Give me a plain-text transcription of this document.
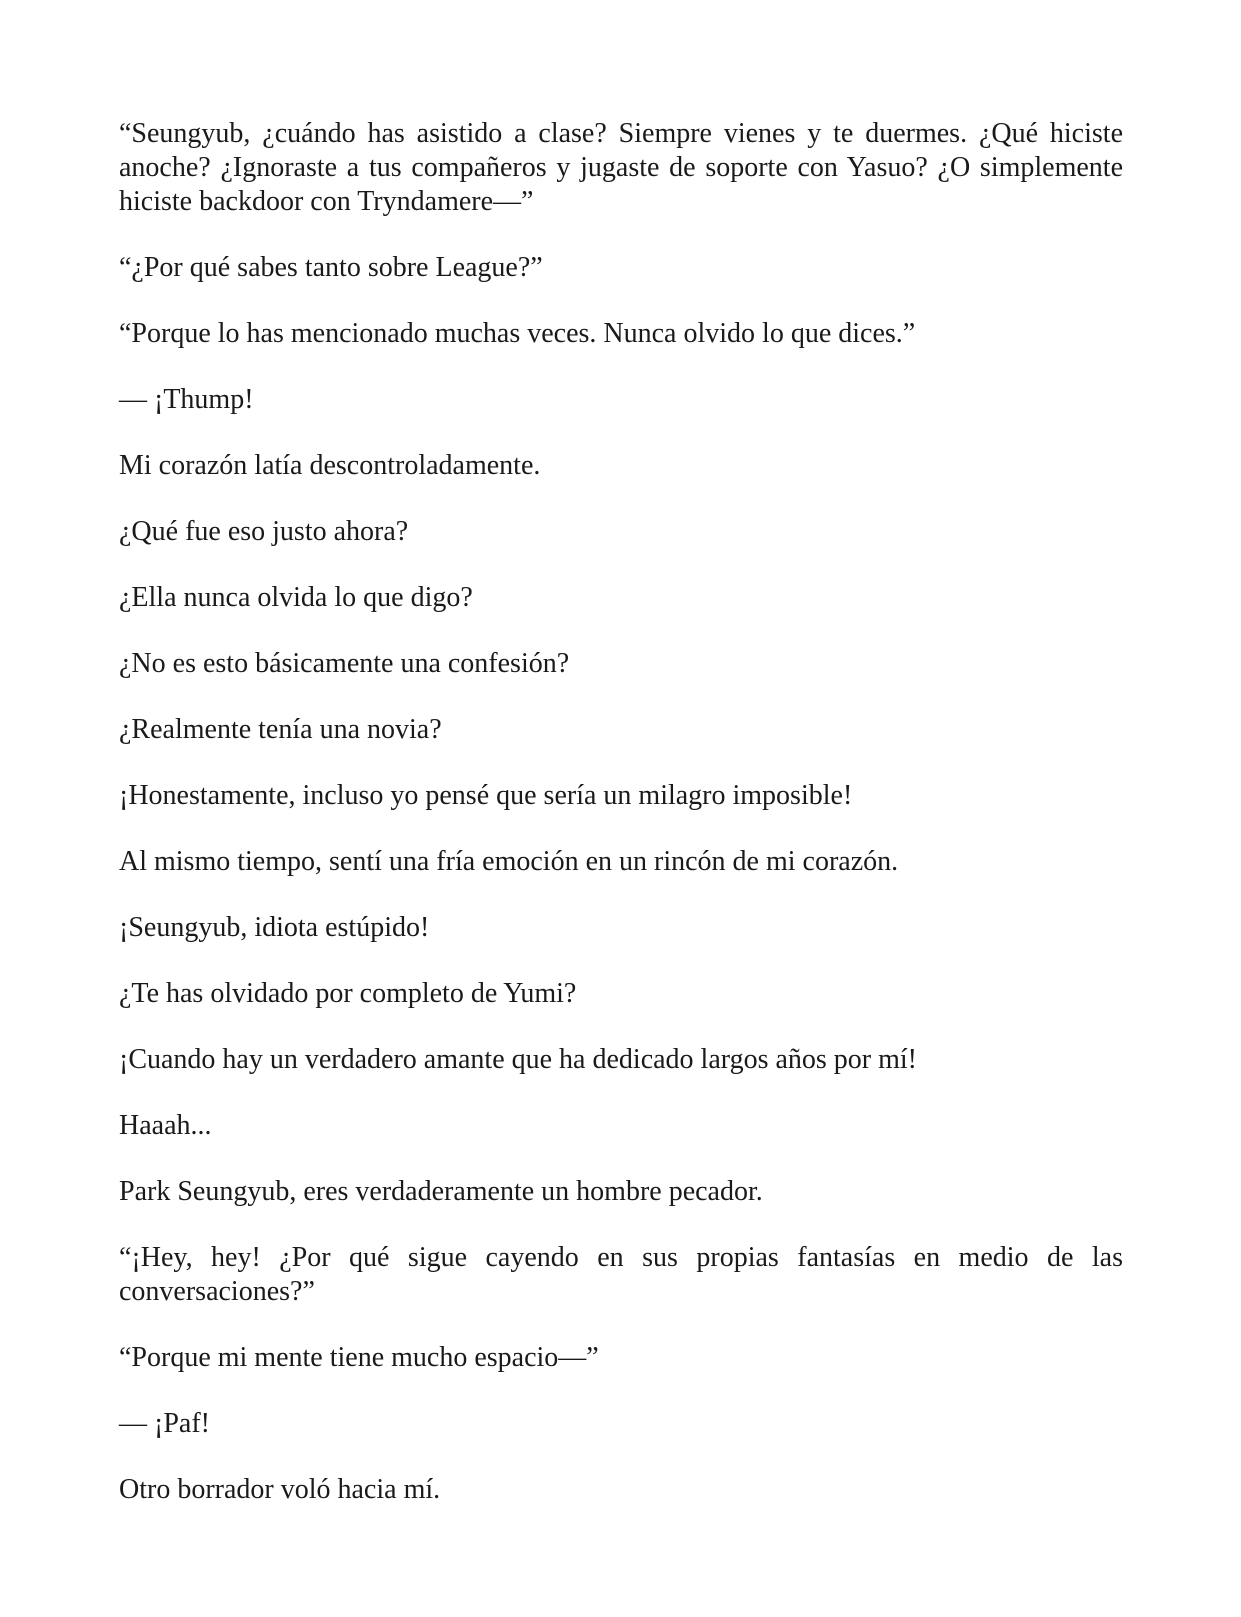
“Seungyub, ¿cuándo has asistido a clase? Siempre vienes y te duermes. ¿Qué hiciste anoche? ¿Ignoraste a tus compañeros y jugaste de soporte con Yasuo? ¿O simplemente hiciste backdoor con Tryndamere—”

“¿Por qué sabes tanto sobre League?”

“Porque lo has mencionado muchas veces. Nunca olvido lo que dices.”

— ¡Thump!

Mi corazón latía descontroladamente.

¿Qué fue eso justo ahora?

¿Ella nunca olvida lo que digo?

¿No es esto básicamente una confesión?

¿Realmente tenía una novia?

¡Honestamente, incluso yo pensé que sería un milagro imposible!

Al mismo tiempo, sentí una fría emoción en un rincón de mi corazón.

¡Seungyub, idiota estúpido!

¿Te has olvidado por completo de Yumi?

¡Cuando hay un verdadero amante que ha dedicado largos años por mí!

Haaah...

Park Seungyub, eres verdaderamente un hombre pecador.

“¡Hey, hey! ¿Por qué sigue cayendo en sus propias fantasías en medio de las conversaciones?”

“Porque mi mente tiene mucho espacio—”

— ¡Paf!

Otro borrador voló hacia mí.
